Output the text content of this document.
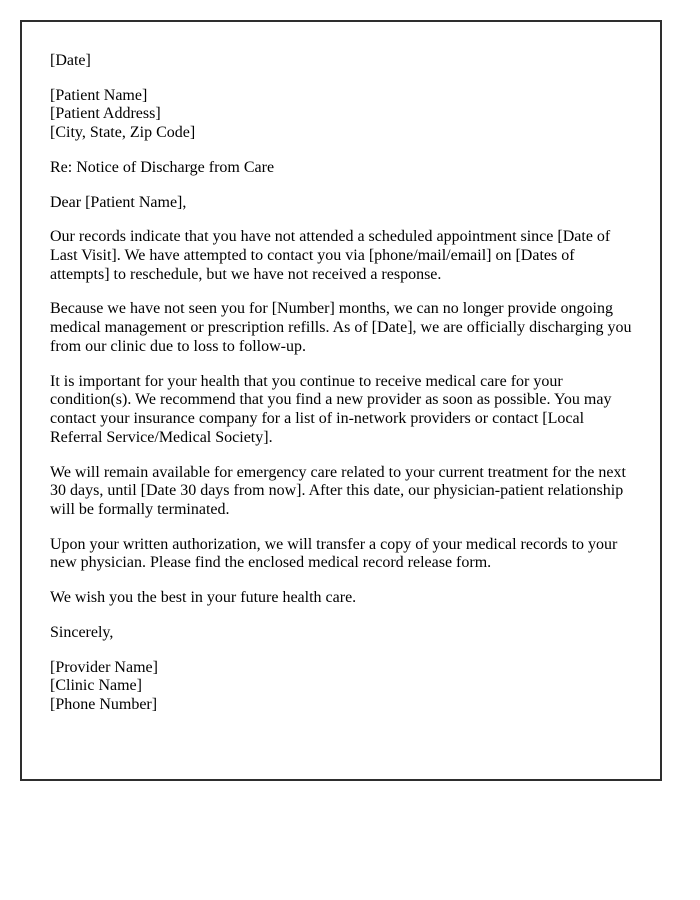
[Date]
[Patient Name]
[Patient Address]
[City, State, Zip Code]
Re: Notice of Discharge from Care
Dear [Patient Name],
Our records indicate that you have not attended a scheduled appointment since [Date of Last Visit]. We have attempted to contact you via [phone/mail/email] on [Dates of attempts] to reschedule, but we have not received a response.
Because we have not seen you for [Number] months, we can no longer provide ongoing medical management or prescription refills. As of [Date], we are officially discharging you from our clinic due to loss to follow-up.
It is important for your health that you continue to receive medical care for your condition(s). We recommend that you find a new provider as soon as possible. You may contact your insurance company for a list of in-network providers or contact [Local Referral Service/Medical Society].
We will remain available for emergency care related to your current treatment for the next 30 days, until [Date 30 days from now]. After this date, our physician-patient relationship will be formally terminated.
Upon your written authorization, we will transfer a copy of your medical records to your new physician. Please find the enclosed medical record release form.
We wish you the best in your future health care.
Sincerely,
[Provider Name]
[Clinic Name]
[Phone Number]
